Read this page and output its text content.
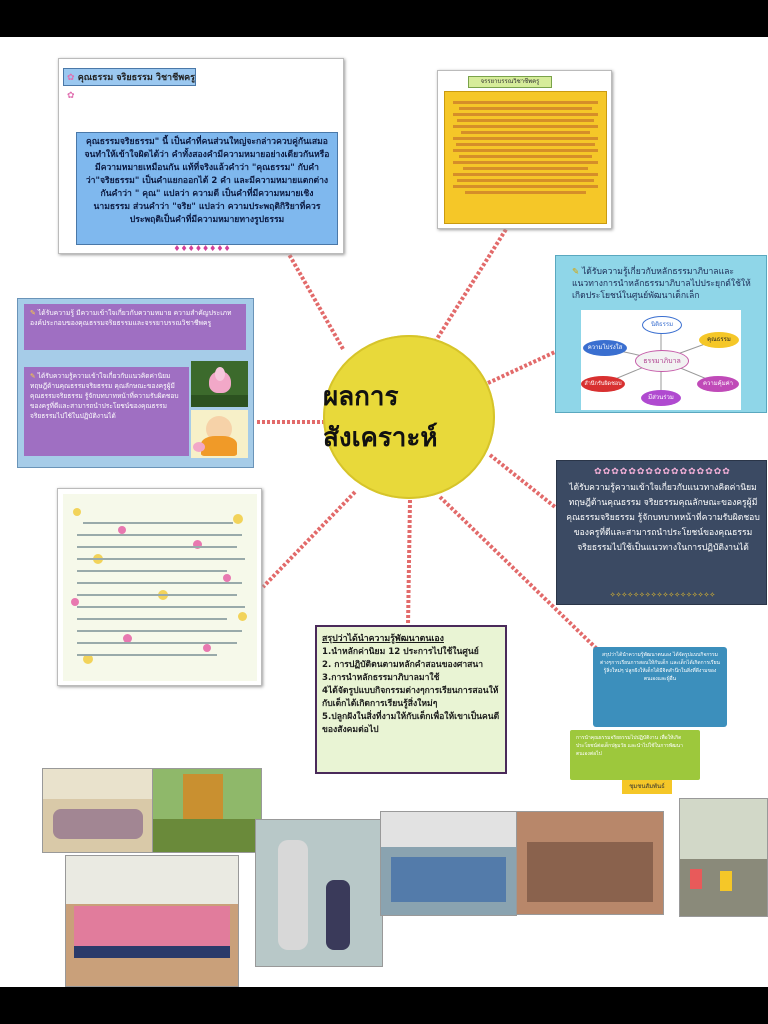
ผลการสังเคราะห์
✿ คุณธรรม จริยธรรม วิชาชีพครู ✿
คุณธรรมจริยธรรม" นี้ เป็นคำที่คนส่วนใหญ่จะกล่าวควบคู่กันเสมอ จนทำให้เข้าใจผิดได้ว่า คำทั้งสองคำมีความหมายอย่างเดียวกันหรือมีความหมายเหมือนกัน แท้ที่จริงแล้วคำว่า "คุณธรรม" กับคำว่า"จริยธรรม" เป็นคำแยกออกได้ 2 คำ และมีความหมายแตกต่างกันคำว่า " คุณ" แปลว่า ความดี เป็นคำที่มีความหมายเชิงนามธรรม ส่วนคำว่า "จริย" แปลว่า ความประพฤติกิริยาที่ควรประพฤติเป็นคำที่มีความหมายทางรูปธรรม
♦♦♦♦♦♦♦♦
จรรยาบรรณวิชาชีพครู
✎ ได้รับความรู้เกี่ยวกับหลักธรรมาภิบาลและแนวทางการนำหลักธรรมาภิบาลไปประยุกต์ใช้ให้เกิดประโยชน์ในศูนย์พัฒนาเด็กเล็ก
ธรรมาภิบาล
นิติธรรม
คุณธรรม
ความโปร่งใส
มีส่วนร่วม
สำนึกรับผิดชอบ	ความคุ้มค่า
✎ ได้รับความรู้ มีความเข้าใจเกี่ยวกับความหมาย ความสำคัญประเภทองค์ประกอบของคุณธรรมจริยธรรมและจรรยาบรรณวิชาชีพครู
✎ ได้รับความรู้ความเข้าใจเกี่ยวกับแนวคิดค่านิยม ทฤษฎีด้านคุณธรรมจริยธรรม คุณลักษณะของครูผู้มีคุณธรรมจริยธรรม รู้จักบทบาทหน้าที่ความรับผิดชอบของครูที่ดีและสามารถนำประโยชน์ของคุณธรรมจริยธรรมไปใช้ในปฏิบัติงานได้
✿✿✿✿✿✿✿✿✿✿✿✿✿✿✿✿
ได้รับความรู้ความเข้าใจเกี่ยวกับแนวทางคิดค่านิยม ทฤษฎีด้านคุณธรรม จริยธรรมคุณลักษณะของครูผู้มีคุณธรรมจริยธรรม รู้จักบทบาทหน้าที่ความรับผิดชอบของครูที่ดีและสามารถนำประโยชน์ของคุณธรรม จริยธรรมไปใช้เป็นแนวทางในการปฏิบัติงานได้
✧✧✧✧✧✧✧✧✧✧✧✧✧✧✧✧✧✧
สรุปว่าได้นำความรู้พัฒนาตนเอง
1.นำหลักค่านิยม 12 ประการไปใช้ในศูนย์
2. การปฏิบัติตนตามหลักคำสอนของศาสนา
3.การนำหลักธรรมาภิบาลมาใช้
4ได้จัดรูปแบบกิจกรรมต่างๆการเรียนการสอนให้กับเด็กได้เกิดการเรียนรู้สิ่งใหม่ๆ
5.ปลูกฝังในสิ่งที่งามให้กับเด็กเพื่อให้เขาเป็นคนดีของสังคมต่อไป
สรุปว่าได้นำความรู้พัฒนาตนเอง ได้จัดรูปแบบกิจกรรมต่างๆการเรียนการสอนให้กับเด็ก และเด็กได้เกิดการเรียนรู้สิ่งใหม่ๆ ปลูกฝังให้เด็กได้มีจิตสำนึกในสิ่งที่ดีงามของตนเองและผู้อื่น
การนำคุณธรรมจริยธรรมไปปฏิบัติงาน เพื่อให้เกิดประโยชน์ต่อเด็กปฐมวัย และนำไปใช้ในการพัฒนาตนเองต่อไป
ชุมชนสัมพันธ์
